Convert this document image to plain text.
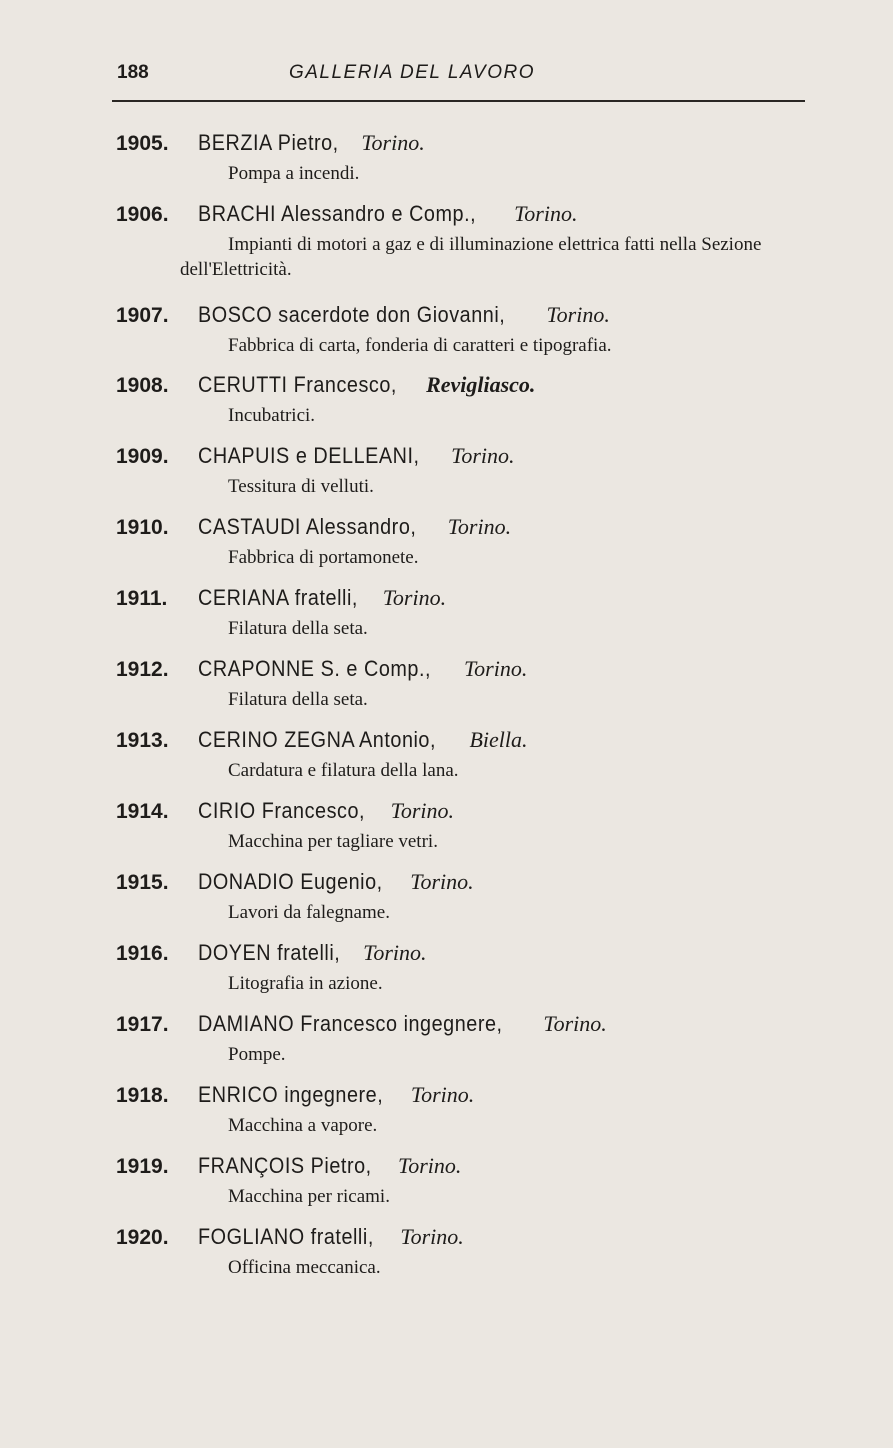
188	GALLERIA DEL LAVORO
1905.	BERZIA Pietro, Torino.
Pompa a incendi.
1906.	BRACHI Alessandro e Comp., Torino.
Impianti di motori a gaz e di illuminazione elettrica fatti nella Sezione dell'Elettricità.
1907.	BOSCO sacerdote don Giovanni, Torino.
Fabbrica di carta, fonderia di caratteri e tipografia.
1908.	CERUTTI Francesco, Revigliasco.
Incubatrici.
1909.	CHAPUIS e DELLEANI, Torino.
Tessitura di velluti.
1910.	CASTAUDI Alessandro, Torino.
Fabbrica di portamonete.
1911.	CERIANA fratelli, Torino.
Filatura della seta.
1912.	CRAPONNE S. e Comp., Torino.
Filatura della seta.
1913.	CERINO ZEGNA Antonio, Biella.
Cardatura e filatura della lana.
1914.	CIRIO Francesco, Torino.
Macchina per tagliare vetri.
1915.	DONADIO Eugenio, Torino.
Lavori da falegname.
1916.	DOYEN fratelli, Torino.
Litografia in azione.
1917.	DAMIANO Francesco ingegnere, Torino.
Pompe.
1918.	ENRICO ingegnere, Torino.
Macchina a vapore.
1919.	FRANÇOIS Pietro, Torino.
Macchina per ricami.
1920.	FOGLIANO fratelli, Torino.
Officina meccanica.
